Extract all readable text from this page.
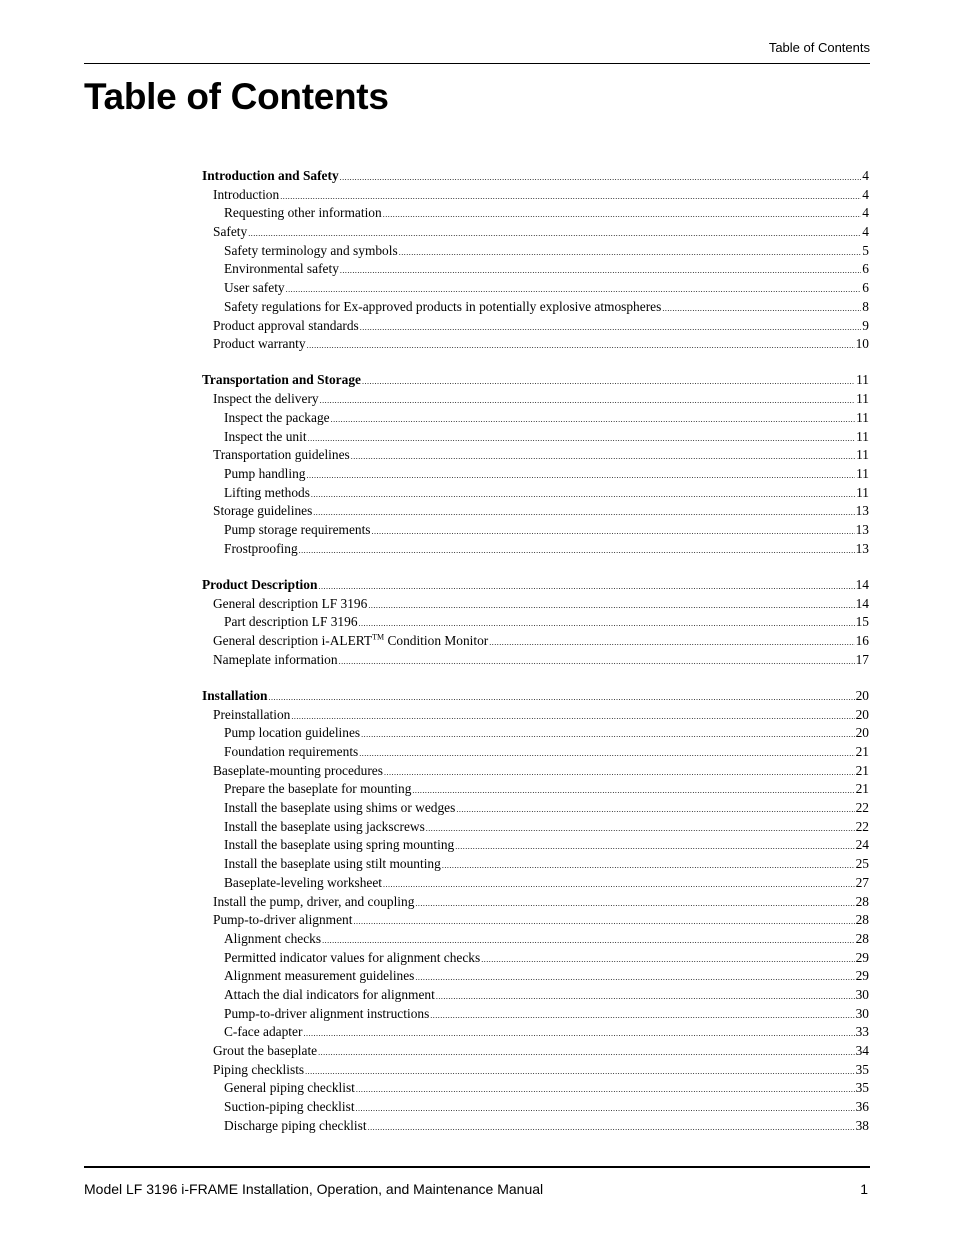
Table of Contents
Table of Contents
Introduction and Safety .....	4
Introduction .....	4
Requesting other information .....	4
Safety .....	4
Safety terminology and symbols .....	5
Environmental safety .....	6
User safety .....	6
Safety regulations for Ex-approved products in potentially explosive atmospheres .....	8
Product approval standards .....	9
Product warranty .....	10
Transportation and Storage .....	11
Inspect the delivery .....	11
Inspect the package .....	11
Inspect the unit .....	11
Transportation guidelines .....	11
Pump handling .....	11
Lifting methods .....	11
Storage guidelines .....	13
Pump storage requirements .....	13
Frostproofing .....	13
Product Description .....	14
General description LF 3196 .....	14
Part description LF 3196 .....	15
General description i-ALERT™ Condition Monitor .....	16
Nameplate information .....	17
Installation .....	20
Preinstallation .....	20
Pump location guidelines .....	20
Foundation requirements .....	21
Baseplate-mounting procedures .....	21
Prepare the baseplate for mounting .....	21
Install the baseplate using shims or wedges .....	22
Install the baseplate using jackscrews .....	22
Install the baseplate using spring mounting .....	24
Install the baseplate using stilt mounting .....	25
Baseplate-leveling worksheet .....	27
Install the pump, driver, and coupling .....	28
Pump-to-driver alignment .....	28
Alignment checks .....	28
Permitted indicator values for alignment checks .....	29
Alignment measurement guidelines .....	29
Attach the dial indicators for alignment .....	30
Pump-to-driver alignment instructions .....	30
C-face adapter .....	33
Grout the baseplate .....	34
Piping checklists .....	35
General piping checklist .....	35
Suction-piping checklist .....	36
Discharge piping checklist .....	38
Model LF 3196 i-FRAME Installation, Operation, and Maintenance Manual	1
